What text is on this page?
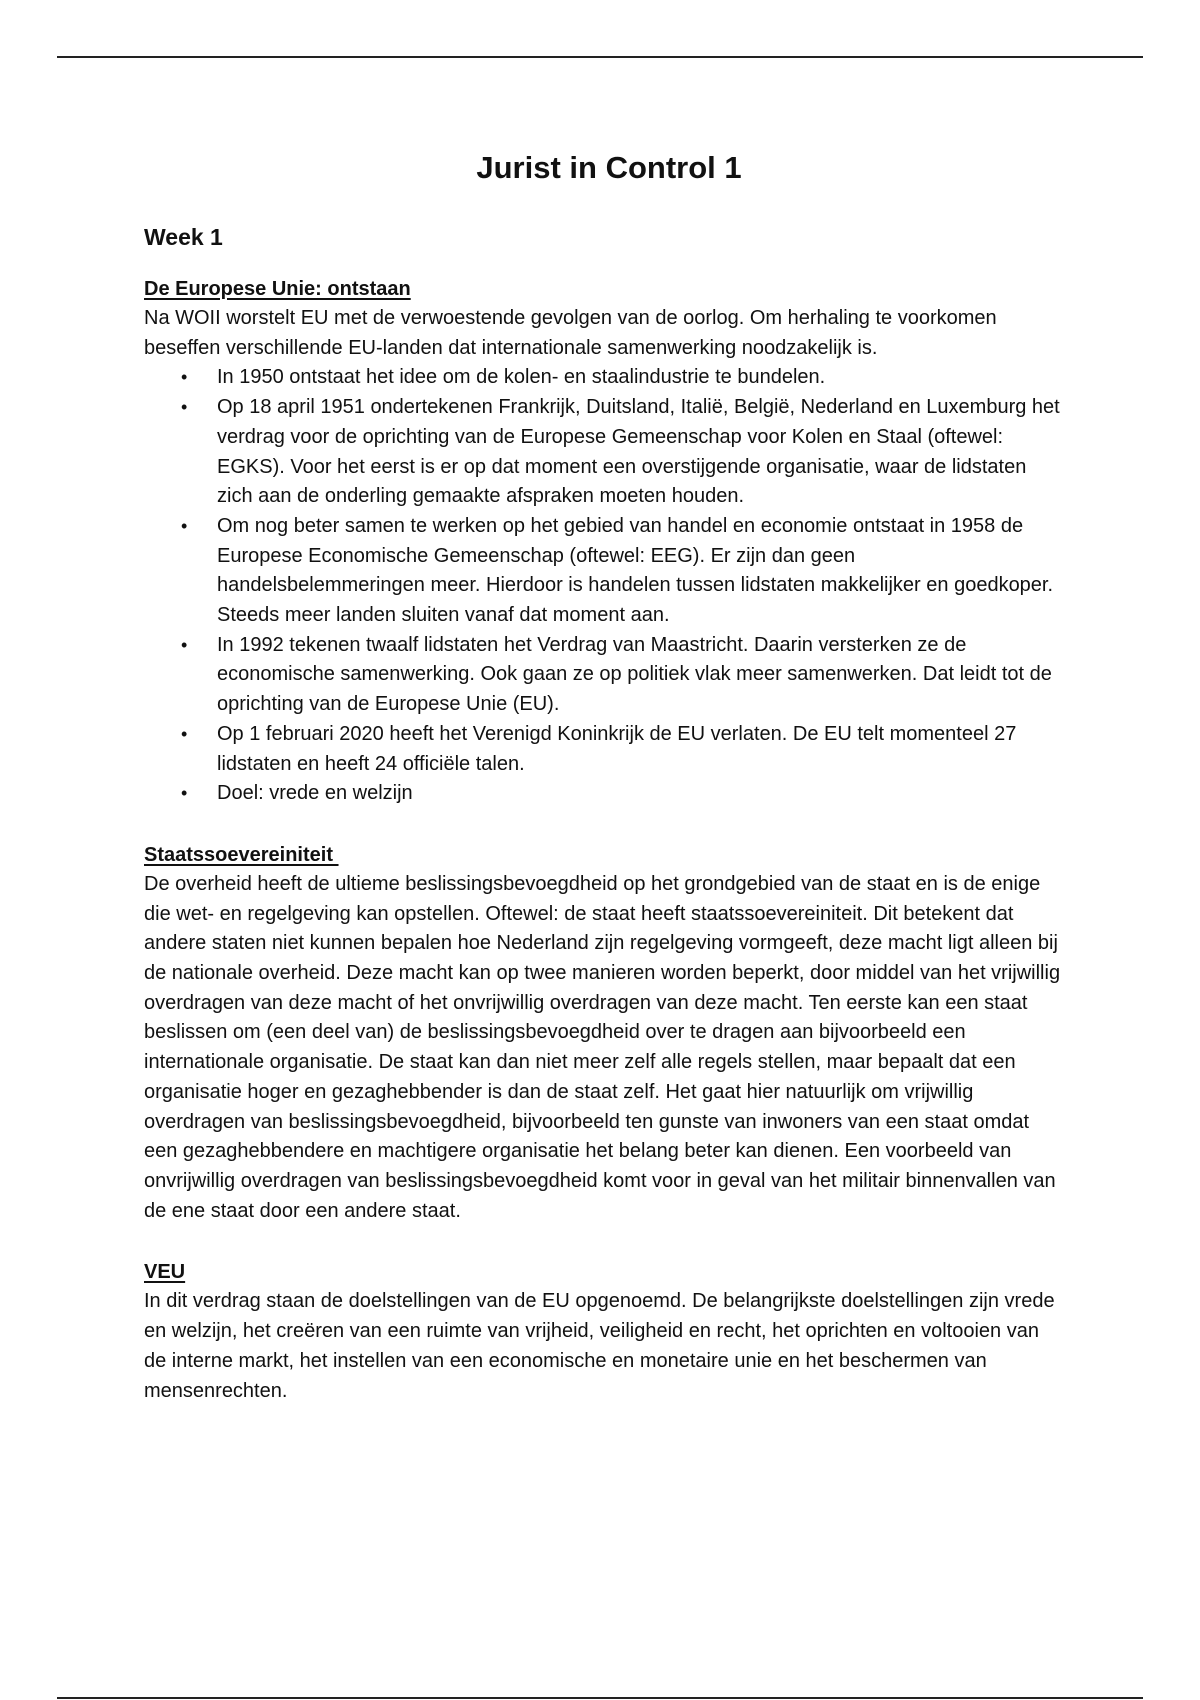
Jurist in Control 1
Week 1
De Europese Unie: ontstaan

Na WOII worstelt EU met de verwoestende gevolgen van de oorlog. Om herhaling te voorkomen beseffen verschillende EU-landen dat internationale samenwerking noodzakelijk is.

• In 1950 ontstaat het idee om de kolen- en staalindustrie te bundelen.
• Op 18 april 1951 ondertekenen Frankrijk, Duitsland, Italië, België, Nederland en Luxemburg het verdrag voor de oprichting van de Europese Gemeenschap voor Kolen en Staal (oftewel: EGKS). Voor het eerst is er op dat moment een overstijgende organisatie, waar de lidstaten zich aan de onderling gemaakte afspraken moeten houden.
• Om nog beter samen te werken op het gebied van handel en economie ontstaat in 1958 de Europese Economische Gemeenschap (oftewel: EEG). Er zijn dan geen handelsbelemmeringen meer. Hierdoor is handelen tussen lidstaten makkelijker en goedkoper. Steeds meer landen sluiten vanaf dat moment aan.
• In 1992 tekenen twaalf lidstaten het Verdrag van Maastricht. Daarin versterken ze de economische samenwerking. Ook gaan ze op politiek vlak meer samenwerken. Dat leidt tot de oprichting van de Europese Unie (EU).
• Op 1 februari 2020 heeft het Verenigd Koninkrijk de EU verlaten. De EU telt momenteel 27 lidstaten en heeft 24 officiële talen.
• Doel: vrede en welzijn
Staatssoevereiniteit

De overheid heeft de ultieme beslissingsbevoegdheid op het grondgebied van de staat en is de enige die wet- en regelgeving kan opstellen. Oftewel: de staat heeft staatssoevereiniteit. Dit betekent dat andere staten niet kunnen bepalen hoe Nederland zijn regelgeving vormgeeft, deze macht ligt alleen bij de nationale overheid. Deze macht kan op twee manieren worden beperkt, door middel van het vrijwillig overdragen van deze macht of het onvrijwillig overdragen van deze macht. Ten eerste kan een staat beslissen om (een deel van) de beslissingsbevoegdheid over te dragen aan bijvoorbeeld een internationale organisatie. De staat kan dan niet meer zelf alle regels stellen, maar bepaalt dat een organisatie hoger en gezaghebbender is dan de staat zelf. Het gaat hier natuurlijk om vrijwillig overdragen van beslissingsbevoegdheid, bijvoorbeeld ten gunste van inwoners van een staat omdat een gezaghebbendere en machtigere organisatie het belang beter kan dienen. Een voorbeeld van onvrijwillig overdragen van beslissingsbevoegdheid komt voor in geval van het militair binnenvallen van de ene staat door een andere staat.

VEU

In dit verdrag staan de doelstellingen van de EU opgenoemd. De belangrijkste doelstellingen zijn vrede en welzijn, het creëren van een ruimte van vrijheid, veiligheid en recht, het oprichten en voltooien van de interne markt, het instellen van een economische en monetaire unie en het beschermen van mensenrechten.
